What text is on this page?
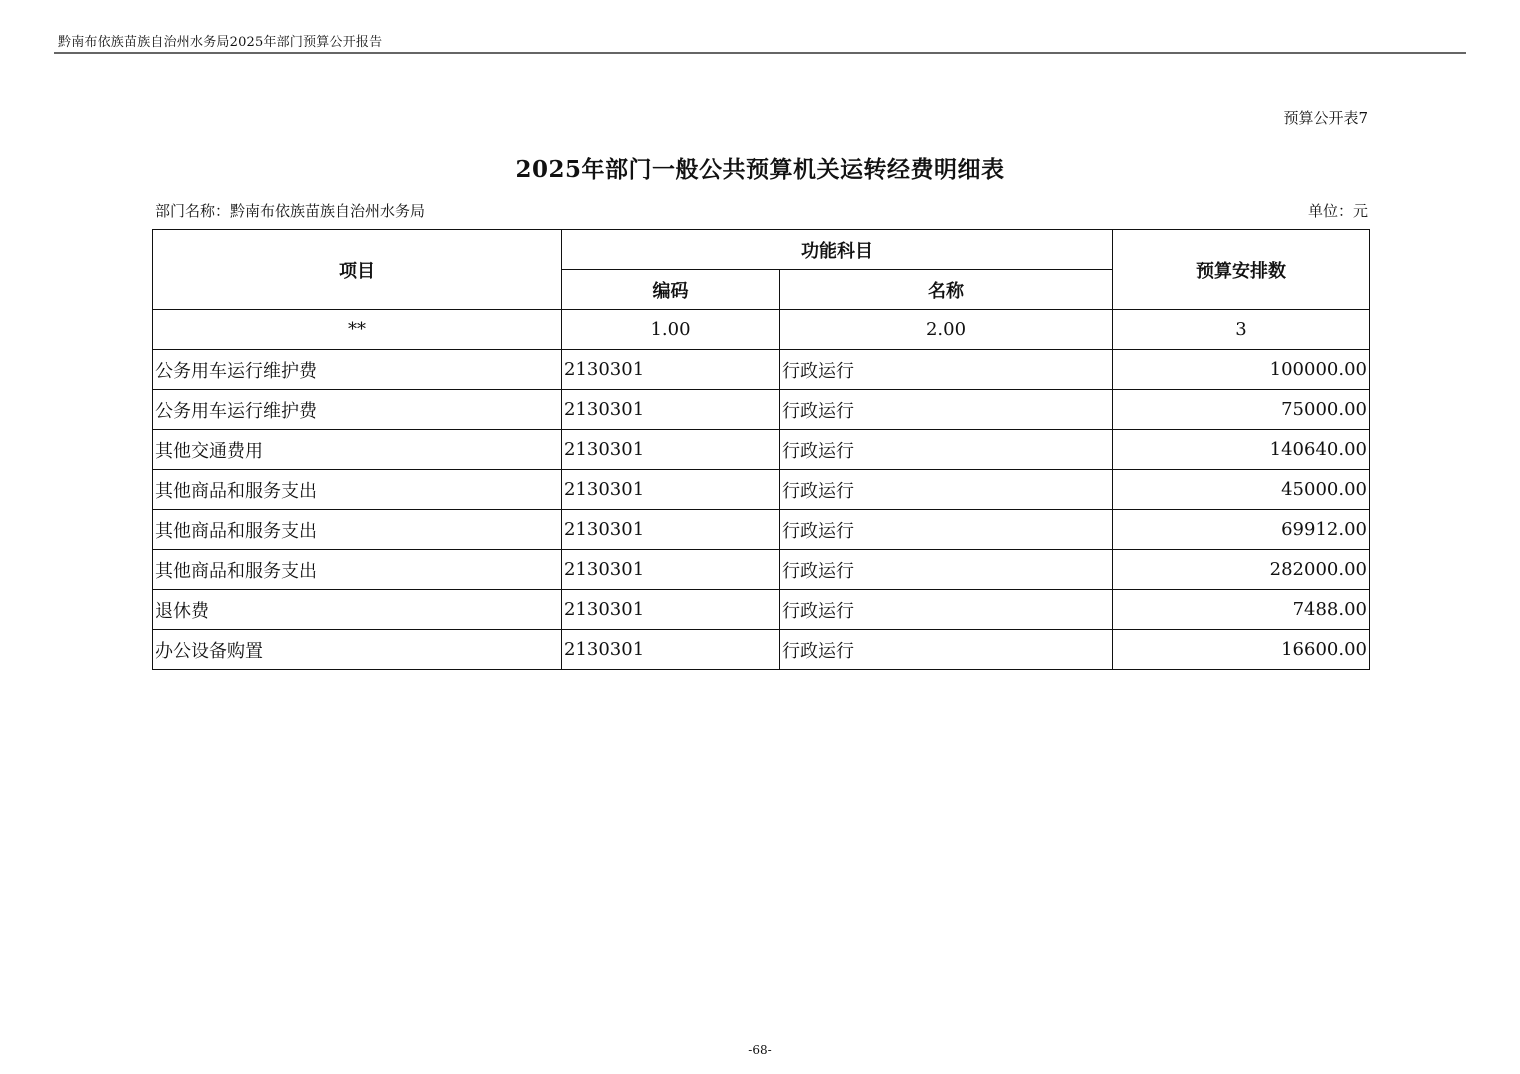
黔南布依族苗族自治州水务局2025年部门预算公开报告
预算公开表7
2025年部门一般公共预算机关运转经费明细表
部门名称：黔南布依族苗族自治州水务局	单位：元
项目	功能科目		预算安排数
	编码	名称	
**	1.00	2.00	3
公务用车运行维护费	2130301	行政运行	100000.00
公务用车运行维护费	2130301	行政运行	75000.00
其他交通费用	2130301	行政运行	140640.00
其他商品和服务支出	2130301	行政运行	45000.00
其他商品和服务支出	2130301	行政运行	69912.00
其他商品和服务支出	2130301	行政运行	282000.00
退休费	2130301	行政运行	7488.00
办公设备购置	2130301	行政运行	16600.00
-68-
